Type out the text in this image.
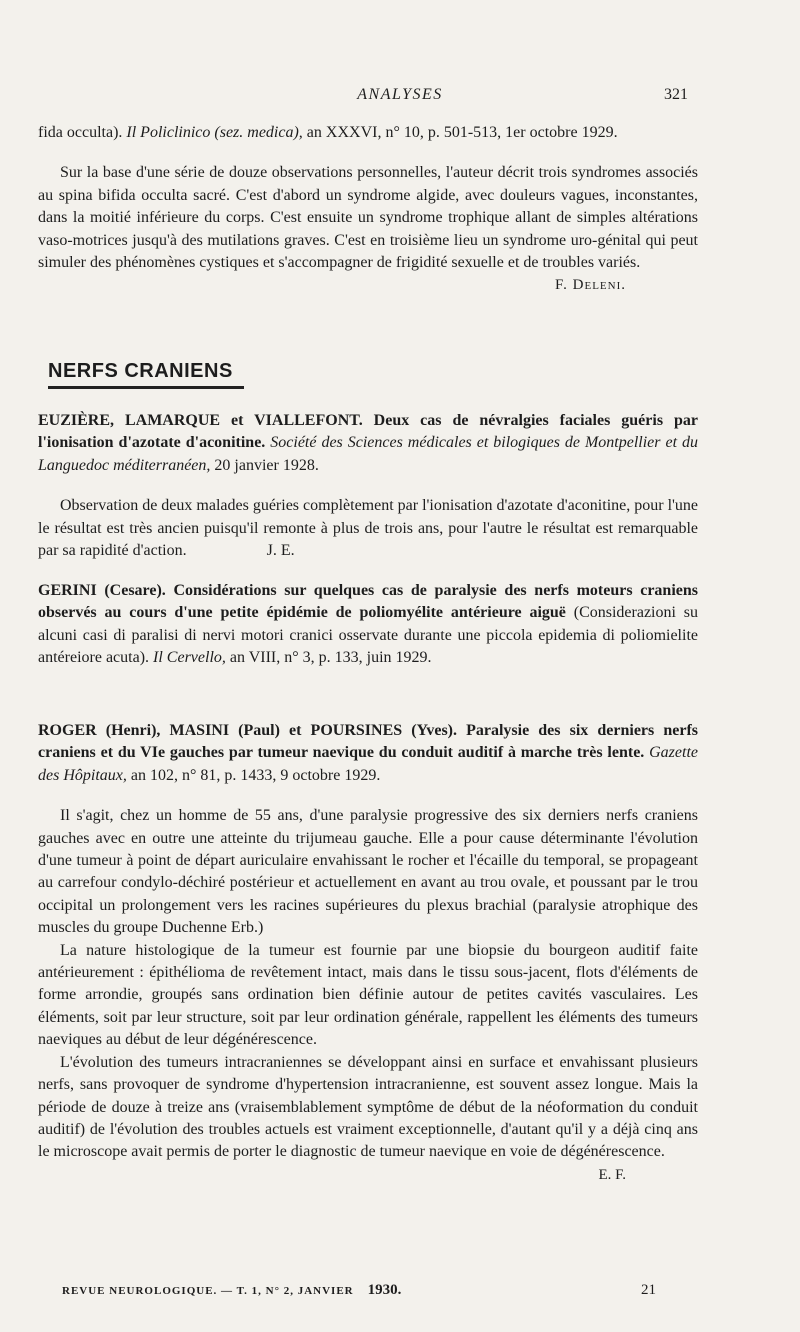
ANALYSES	321

fida occulta). Il Policlinico (sez. medica), an XXXVI, n° 10, p. 501-513, 1er octobre 1929.

Sur la base d'une série de douze observations personnelles, l'auteur décrit trois syndromes associés au spina bifida occulta sacré. C'est d'abord un syndrome algide, avec douleurs vagues, inconstantes, dans la moitié inférieure du corps. C'est ensuite un syndrome trophique allant de simples altérations vaso-motrices jusqu'à des mutilations graves. C'est en troisième lieu un syndrome uro-génital qui peut simuler des phénomènes cystiques et s'accompagner de frigidité sexuelle et de troubles variés.

F. Deleni.

NERFS CRANIENS

EUZIÈRE, LAMARQUE et VIALLEFONT. Deux cas de névralgies faciales guéris par l'ionisation d'azotate d'aconitine. Société des Sciences médicales et bilogiques de Montpellier et du Languedoc méditerranéen, 20 janvier 1928.

Observation de deux malades guéries complètement par l'ionisation d'azotate d'aconitine, pour l'une le résultat est très ancien puisqu'il remonte à plus de trois ans, pour l'autre le résultat est remarquable par sa rapidité d'action.	J. E.

GERINI (Cesare). Considérations sur quelques cas de paralysie des nerfs moteurs craniens observés au cours d'une petite épidémie de poliomyélite antérieure aiguë (Considerazioni su alcuni casi di paralisi di nervi motori cranici osservate durante une piccola epidemia di poliomielite antéreiore acuta). Il Cervello, an VIII, n° 3, p. 133, juin 1929.

ROGER (Henri), MASINI (Paul) et POURSINES (Yves). Paralysie des six derniers nerfs craniens et du VIe gauches par tumeur naevique du conduit auditif à marche très lente. Gazette des Hôpitaux, an 102, n° 81, p. 1433, 9 octobre 1929.

Il s'agit, chez un homme de 55 ans, d'une paralysie progressive des six derniers nerfs craniens gauches avec en outre une atteinte du trijumeau gauche. Elle a pour cause déterminante l'évolution d'une tumeur à point de départ auriculaire envahissant le rocher et l'écaille du temporal, se propageant au carrefour condylo-déchiré postérieur et actuellement en avant au trou ovale, et poussant par le trou occipital un prolongement vers les racines supérieures du plexus brachial (paralysie atrophique des muscles du groupe Duchenne Erb.)

La nature histologique de la tumeur est fournie par une biopsie du bourgeon auditif faite antérieurement : épithélioma de revêtement intact, mais dans le tissu sous-jacent, flots d'éléments de forme arrondie, groupés sans ordination bien définie autour de petites cavités vasculaires. Les éléments, soit par leur structure, soit par leur ordination générale, rappellent les éléments des tumeurs naeviques au début de leur dégénérescence.

L'évolution des tumeurs intracraniennes se développant ainsi en surface et envahissant plusieurs nerfs, sans provoquer de syndrome d'hypertension intracranienne, est souvent assez longue. Mais la période de douze à treize ans (vraisemblablement symptôme de début de la néoformation du conduit auditif) de l'évolution des troubles actuels est vraiment exceptionnelle, d'autant qu'il y a déjà cinq ans le microscope avait permis de porter le diagnostic de tumeur naevique en voie de dégénérescence.

E. F.

REVUE NEUROLOGIQUE. — T. 1, N° 2, JANVIER 1930.	21
